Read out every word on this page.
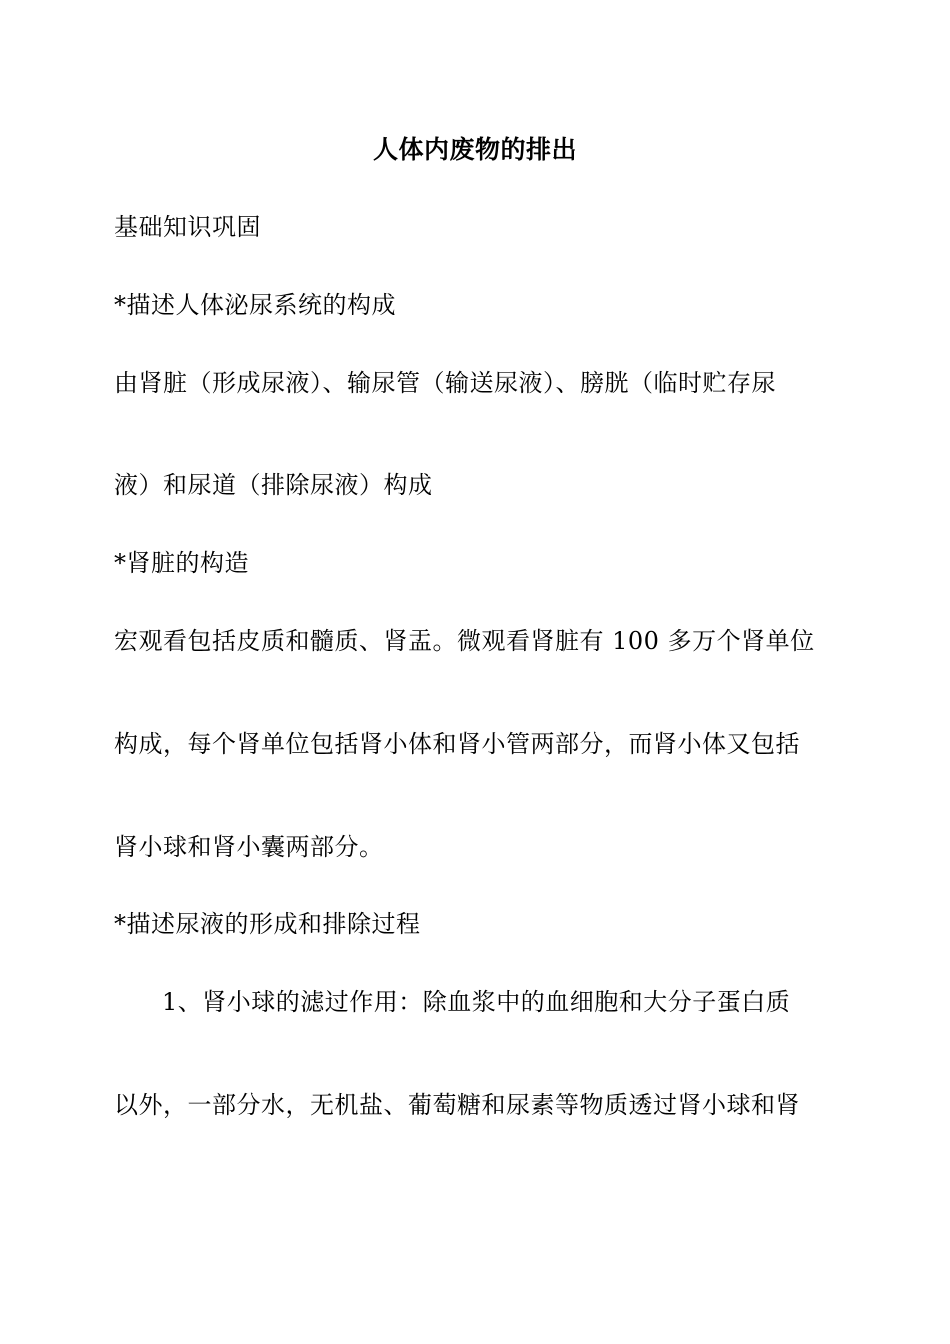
人体内废物的排出
基础知识巩固
*描述人体泌尿系统的构成
由肾脏（形成尿液）、输尿管（输送尿液）、膀胱（临时贮存尿
液）和尿道（排除尿液）构成
*肾脏的构造
宏观看包括皮质和髓质、肾盂。微观看肾脏有 100 多万个肾单位
构成，每个肾单位包括肾小体和肾小管两部分，而肾小体又包括
肾小球和肾小囊两部分。
*描述尿液的形成和排除过程
1、肾小球的滤过作用：除血浆中的血细胞和大分子蛋白质
以外，一部分水，无机盐、葡萄糖和尿素等物质透过肾小球和肾
